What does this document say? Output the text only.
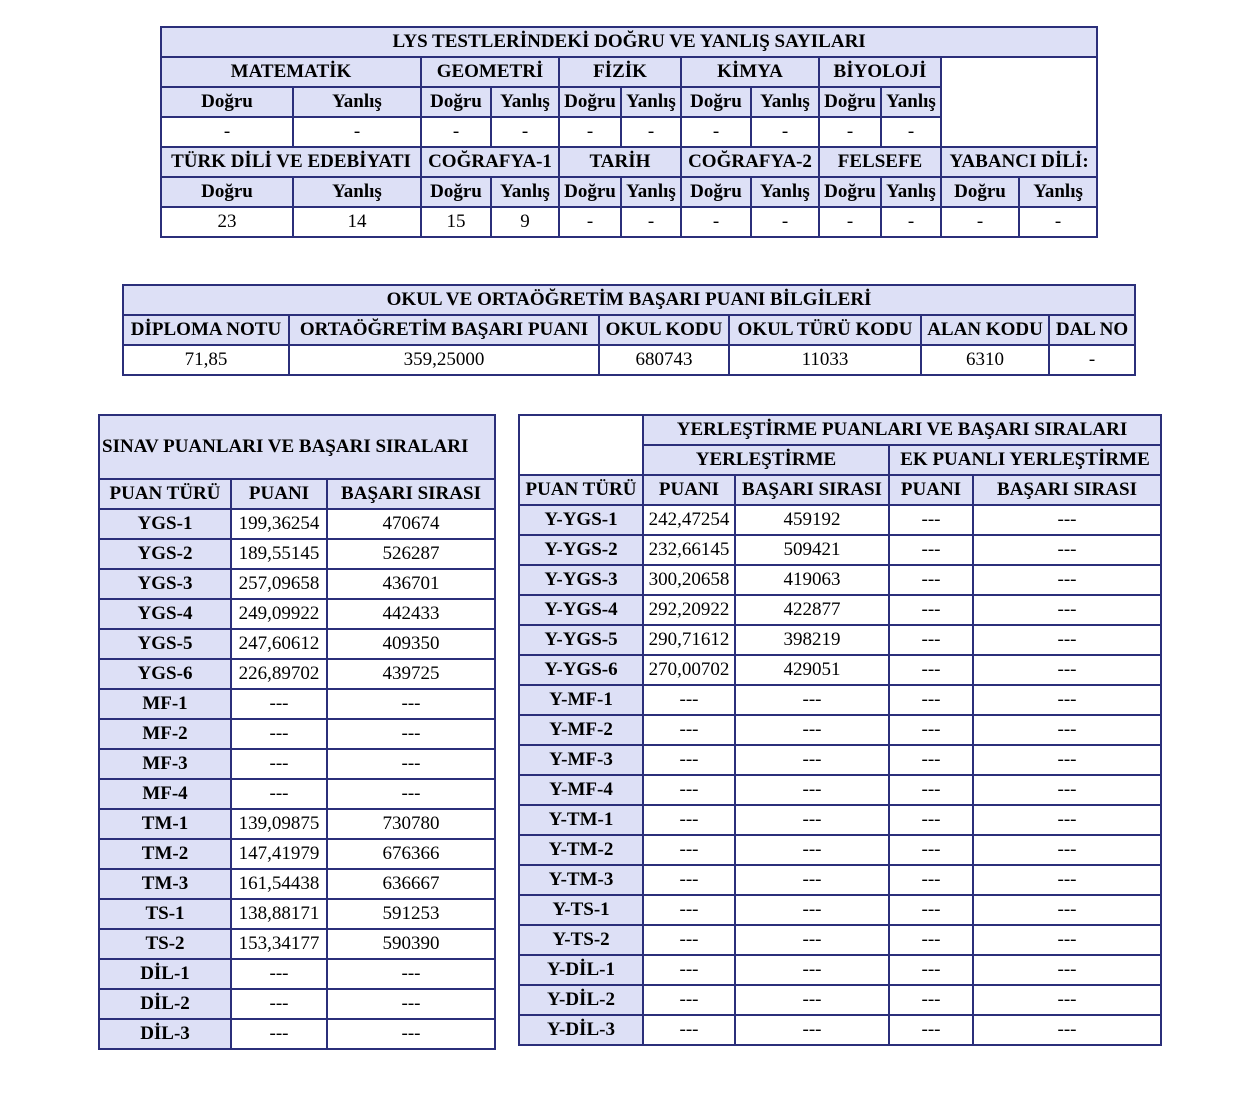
LYS TESTLERİNDEKİ DOĞRU VE YANLIŞ SAYILARI											
MATEMATİK		GEOMETRİ		FİZİK		KİMYA		BİYOLOJİ			
Doğru	Yanlış	Doğru	Yanlış	Doğru	Yanlış	Doğru	Yanlış	Doğru	Yanlış		
-	-	-	-	-	-	-	-	-	-		
TÜRK DİLİ VE EDEBİYATI		COĞRAFYA-1		TARİH		COĞRAFYA-2		FELSEFE		YABANCI DİLİ:	
Doğru	Yanlış	Doğru	Yanlış	Doğru	Yanlış	Doğru	Yanlış	Doğru	Yanlış	Doğru	Yanlış
23	14	15	9	-	-	-	-	-	-	-	-
OKUL VE ORTAÖĞRETİM BAŞARI PUANI BİLGİLERİ					
DİPLOMA NOTU	ORTAÖĞRETİM BAŞARI PUANI	OKUL KODU	OKUL TÜRÜ KODU	ALAN KODU	DAL NO
71,85	359,25000	680743	11033	6310	-
SINAV PUANLARI VE BAŞARI SIRALARI		
PUAN TÜRÜ	PUANI	BAŞARI SIRASI
YGS-1	199,36254	470674
YGS-2	189,55145	526287
YGS-3	257,09658	436701
YGS-4	249,09922	442433
YGS-5	247,60612	409350
YGS-6	226,89702	439725
MF-1	---	---
MF-2	---	---
MF-3	---	---
MF-4	---	---
TM-1	139,09875	730780
TM-2	147,41979	676366
TM-3	161,54438	636667
TS-1	138,88171	591253
TS-2	153,34177	590390
DİL-1	---	---
DİL-2	---	---
DİL-3	---	---
	YERLEŞTİRME PUANLARI VE BAŞARI SIRALARI			
	YERLEŞTİRME		EK PUANLI YERLEŞTİRME	
PUAN TÜRÜ	PUANI	BAŞARI SIRASI	PUANI	BAŞARI SIRASI
Y-YGS-1	242,47254	459192	---	---
Y-YGS-2	232,66145	509421	---	---
Y-YGS-3	300,20658	419063	---	---
Y-YGS-4	292,20922	422877	---	---
Y-YGS-5	290,71612	398219	---	---
Y-YGS-6	270,00702	429051	---	---
Y-MF-1	---	---	---	---
Y-MF-2	---	---	---	---
Y-MF-3	---	---	---	---
Y-MF-4	---	---	---	---
Y-TM-1	---	---	---	---
Y-TM-2	---	---	---	---
Y-TM-3	---	---	---	---
Y-TS-1	---	---	---	---
Y-TS-2	---	---	---	---
Y-DİL-1	---	---	---	---
Y-DİL-2	---	---	---	---
Y-DİL-3	---	---	---	---
